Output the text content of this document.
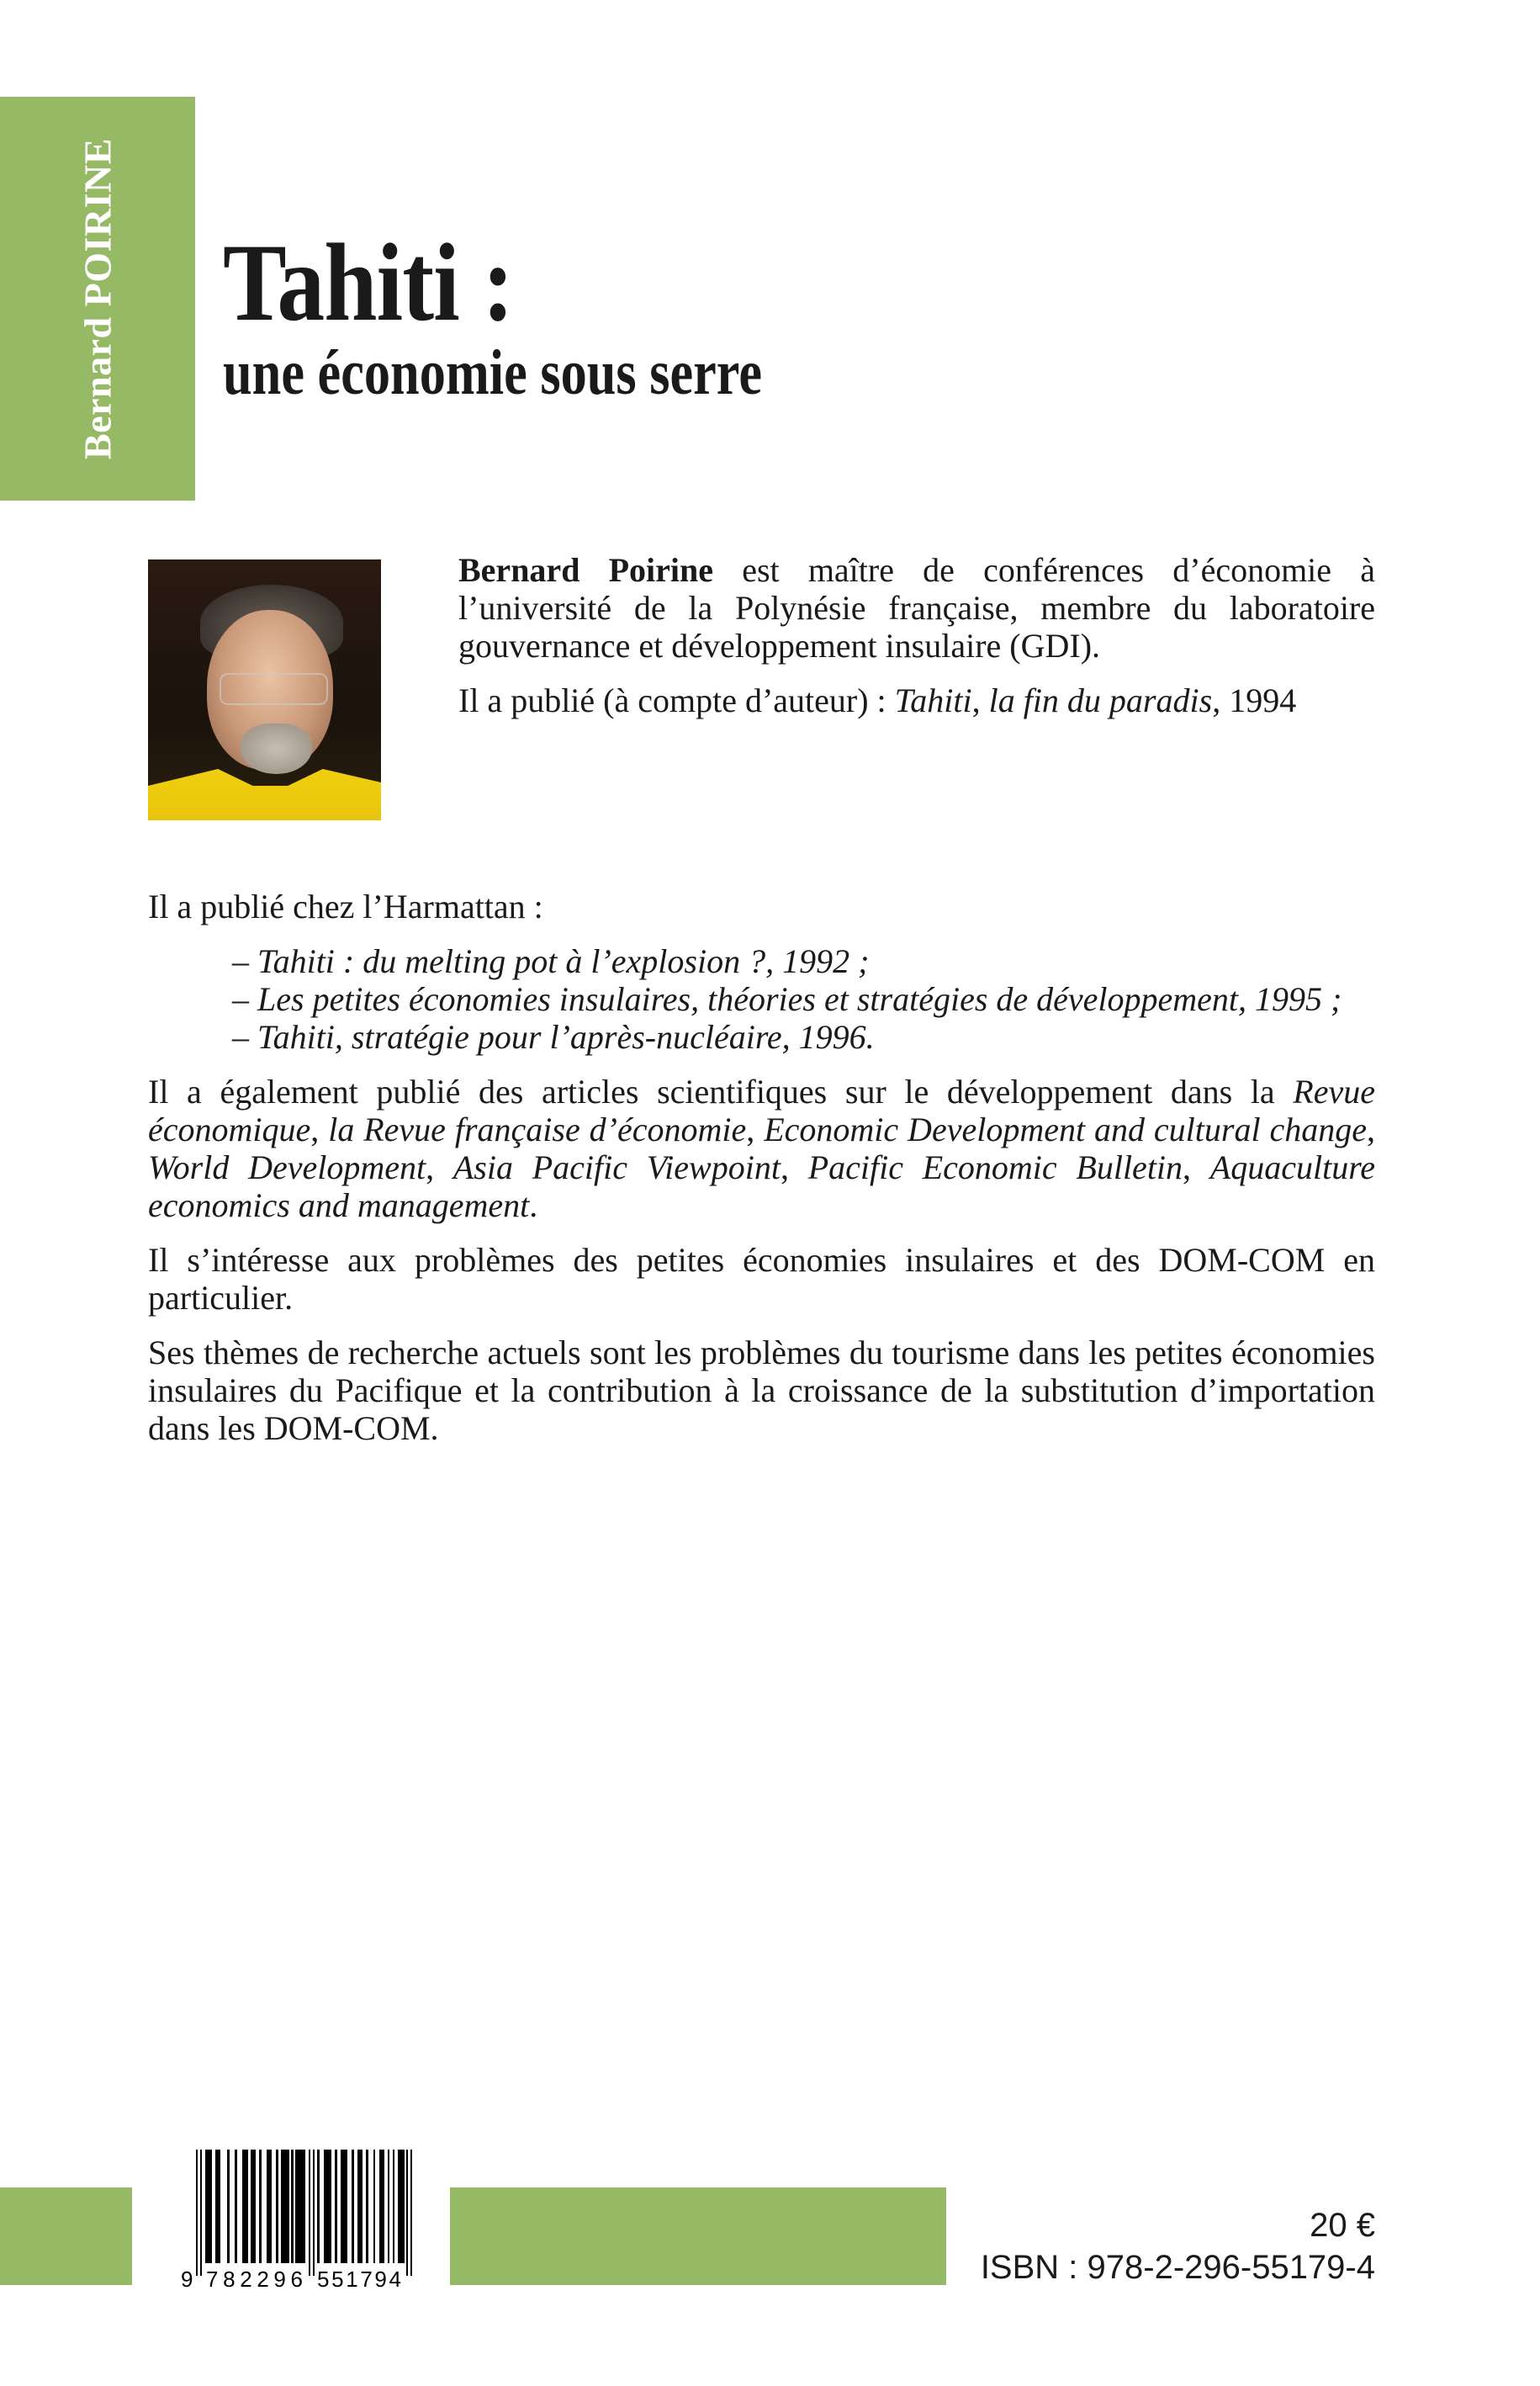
Bernard POIRINE Tahiti :
une économie sous serre

Bernard Poirine est maître de conférences d’économie à l’université de la Polynésie française, membre du laboratoire gouvernance et développement insulaire (GDI).

Il a publié (à compte d’auteur) : Tahiti, la fin du paradis, 1994

Il a publié chez l’Harmattan :

– Tahiti : du melting pot à l’explosion ?, 1992 ;
– Les petites économies insulaires, théories et stratégies de développement, 1995 ;
– Tahiti, stratégie pour l’après-nucléaire, 1996.

Il a également publié des articles scientifiques sur le développement dans la Revue économique, la Revue française d’économie, Economic Development and cultural change, World Development, Asia Pacific Viewpoint, Pacific Economic Bulletin, Aquaculture economics and management.

Il s’intéresse aux problèmes des petites économies insulaires et des DOM-COM en particulier.

Ses thèmes de recherche actuels sont les problèmes du tourisme dans les petites économies insulaires du Pacifique et la contribution à la croissance de la substitution d’importation dans les DOM-COM.

9 782296 551794
20 €
ISBN : 978-2-296-55179-4
